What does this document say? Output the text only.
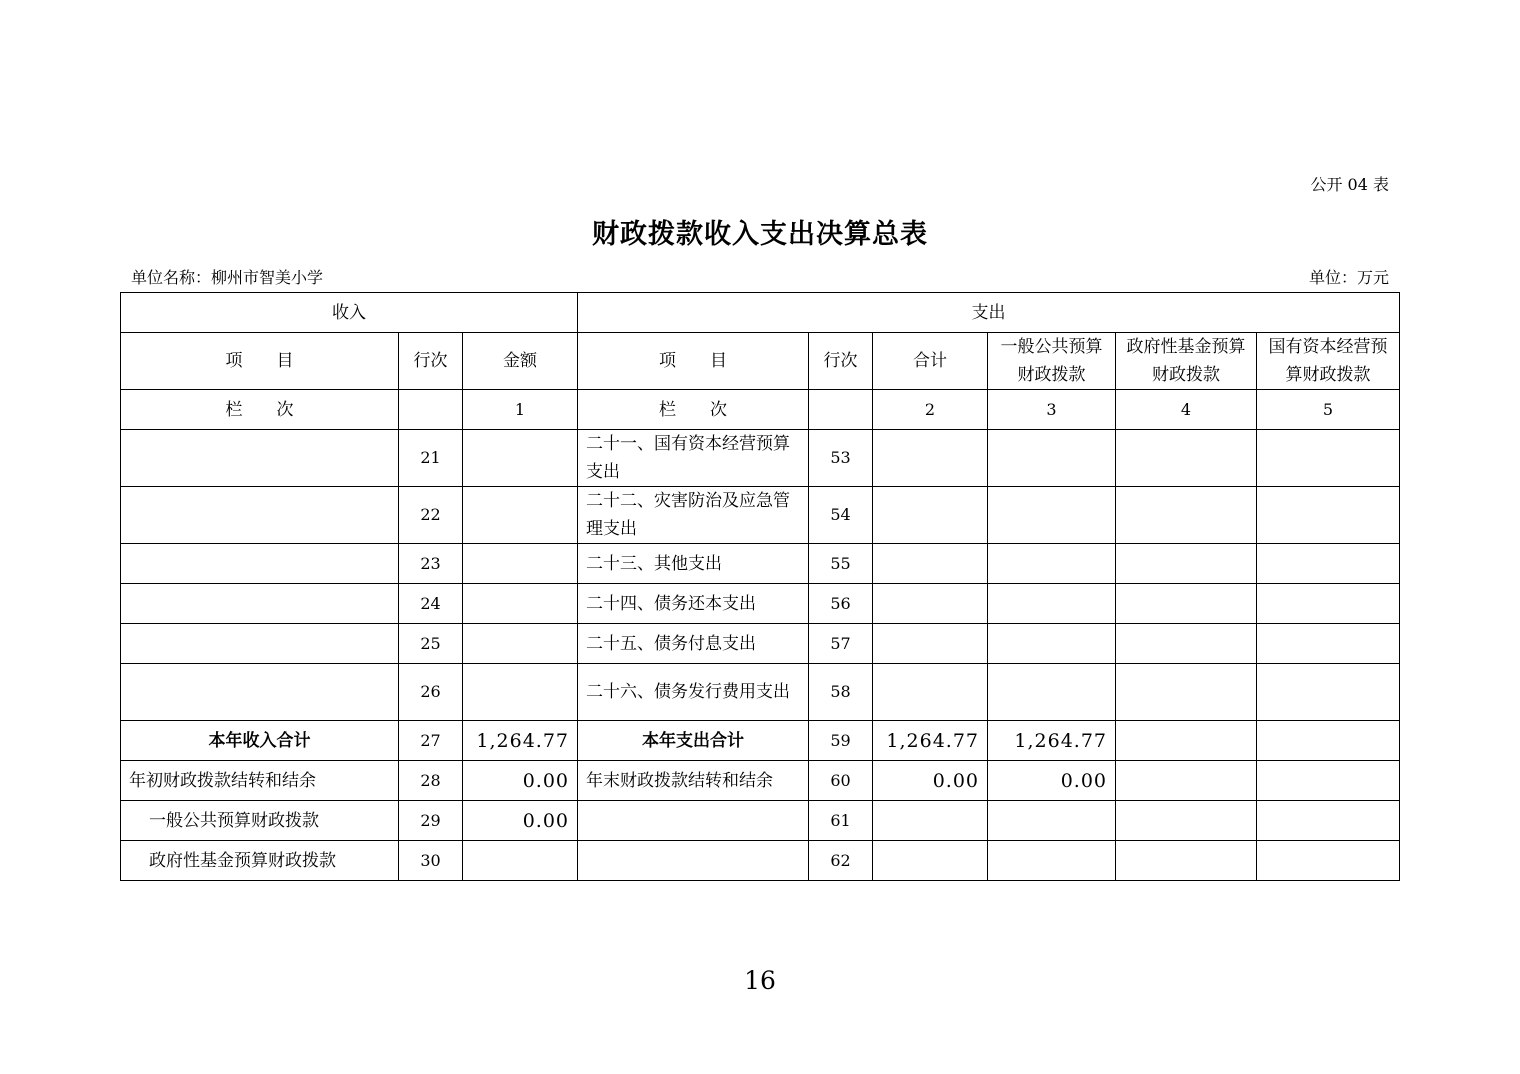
公开 04 表
财政拨款收入支出决算总表
单位名称：柳州市智美小学	单位：万元
收入			支出					
项　　目	行次	金额	项　　目	行次	合计	一般公共预算财政拨款	政府性基金预算财政拨款	国有资本经营预算财政拨款
栏　　次		1	栏　　次		2	3	4	5
	21		二十一、国有资本经营预算支出	53				
	22		二十二、灾害防治及应急管理支出	54				
	23		二十三、其他支出	55				
	24		二十四、债务还本支出	56				
	25		二十五、债务付息支出	57				
	26		二十六、债务发行费用支出	58				
本年收入合计	27	1,264.77	本年支出合计	59	1,264.77	1,264.77		
年初财政拨款结转和结余	28	0.00	年末财政拨款结转和结余	60	0.00	0.00		
一般公共预算财政拨款	29	0.00		61				
政府性基金预算财政拨款	30			62				
16
